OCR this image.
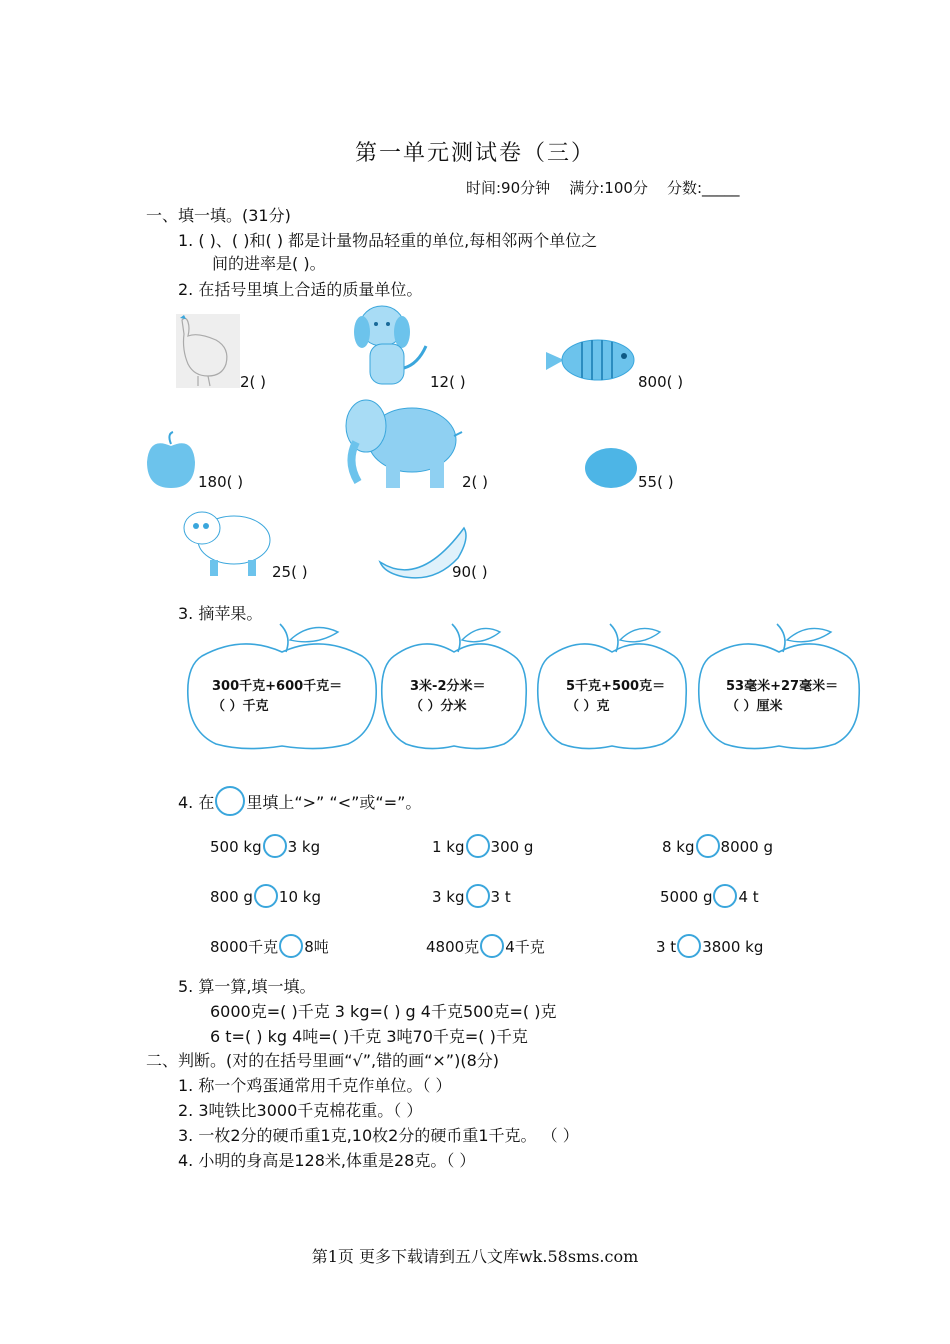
第一单元测试卷（三）
时间:90分钟 满分:100分 分数:_____
一、填一填。(31分)
1. ( )、( )和( ) 都是计量物品轻重的单位,每相邻两个单位之
间的进率是( )。
2. 在括号里填上合适的质量单位。
2( )	12( )	800( )
180( )	2( )	55( )
25( )	90( )
3. 摘苹果。
300千克+600千克＝
（ ）千克
3米-2分米＝
（ ）分米
5千克+500克＝
（ ）克
53毫米+27毫米＝
（ ）厘米
4. 在 里填上“>” “<”或“=”。
500 kg 3 kg	1 kg 300 g	8 kg 8000 g
800 g 10 kg	3 kg 3 t	5000 g 4 t
8000千克 8吨	4800克 4千克	3 t 3800 kg
5. 算一算,填一填。
6000克=( )千克 3 kg=( ) g 4千克500克=( )克
6 t=( ) kg 4吨=( )千克 3吨70千克=( )千克
二、判断。(对的在括号里画“√”,错的画“×”)(8分)
1. 称一个鸡蛋通常用千克作单位。（ ）
2. 3吨铁比3000千克棉花重。（ ）
3. 一枚2分的硬币重1克,10枚2分的硬币重1千克。 （ ）
4. 小明的身高是128米,体重是28克。（ ）
第1页 更多下载请到五八文库wk.58sms.com
